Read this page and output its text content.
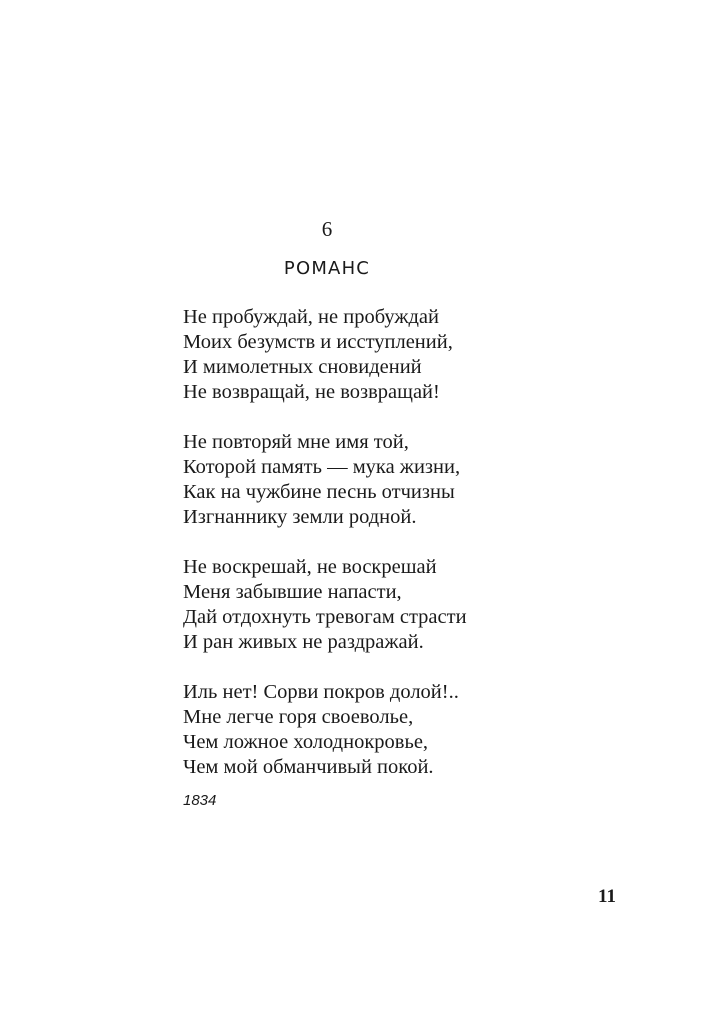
6
РОМАНС
Не пробуждай, не пробуждай
Моих безумств и исступлений,
И мимолетных сновидений
Не возвращай, не возвращай!
Не повторяй мне имя той,
Которой память — мука жизни,
Как на чужбине песнь отчизны
Изгнаннику земли родной.
Не воскрешай, не воскрешай
Меня забывшие напасти,
Дай отдохнуть тревогам страсти
И ран живых не раздражай.
Иль нет! Сорви покров долой!..
Мне легче горя своеволье,
Чем ложное холоднокровье,
Чем мой обманчивый покой.
1834
11
